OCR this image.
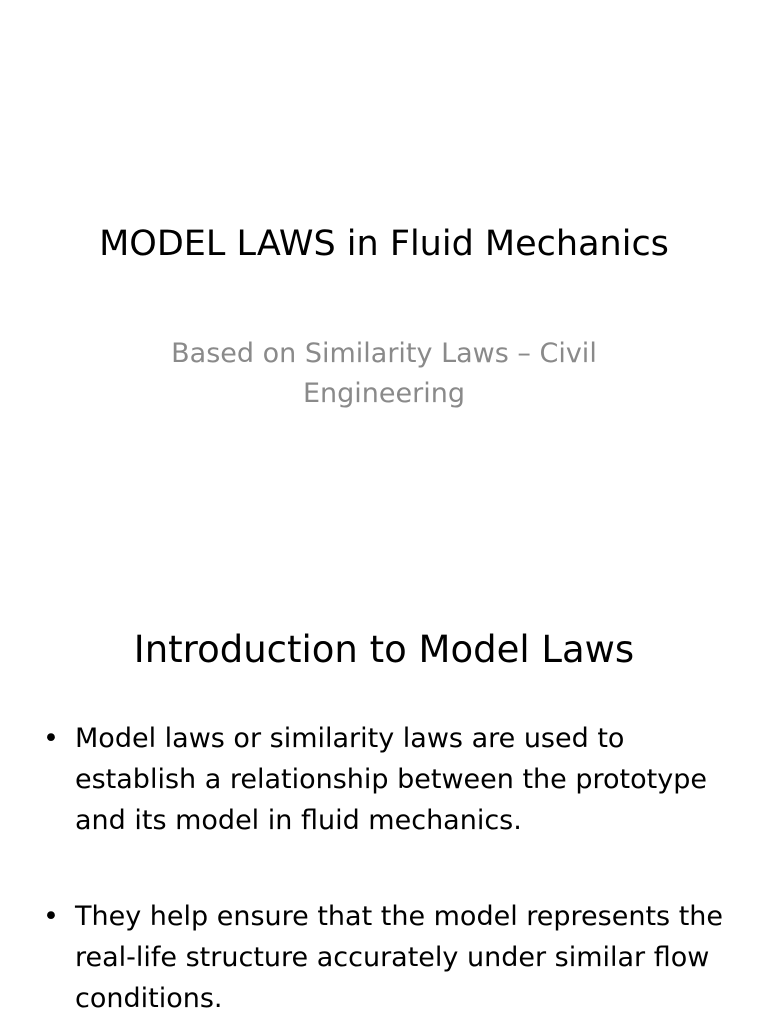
MODEL LAWS in Fluid Mechanics
Based on Similarity Laws – Civil Engineering
Introduction to Model Laws
• Model laws or similarity laws are used to establish a relationship between the prototype and its model in fluid mechanics.
• They help ensure that the model represents the real-life structure accurately under similar flow conditions.
